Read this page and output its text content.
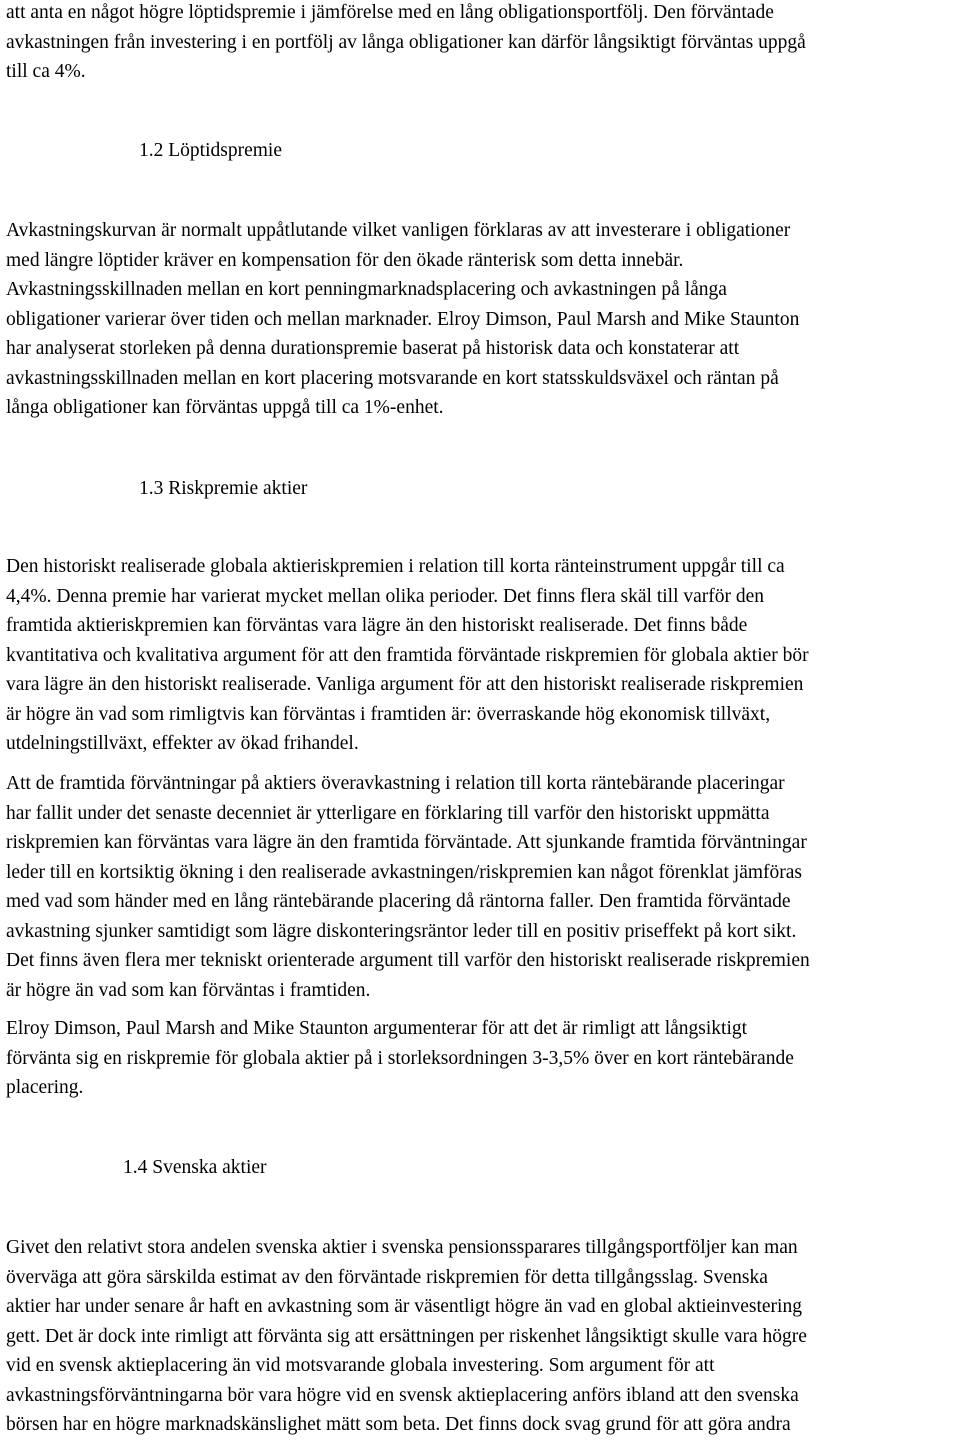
att anta en något högre löptidspremie i jämförelse med en lång obligationsportfölj. Den förväntade
avkastningen från investering i en portfölj av långa obligationer kan därför långsiktigt förväntas uppgå
till ca 4%.

1.2 Löptidspremie

Avkastningskurvan är normalt uppåtlutande vilket vanligen förklaras av att investerare i obligationer
med längre löptider kräver en kompensation för den ökade ränterisk som detta innebär.
Avkastningsskillnaden mellan en kort penningmarknadsplacering och avkastningen på långa
obligationer varierar över tiden och mellan marknader. Elroy Dimson, Paul Marsh and Mike Staunton
har analyserat storleken på denna durationspremie baserat på historisk data och konstaterar att
avkastningsskillnaden mellan en kort placering motsvarande en kort statsskuldsväxel och räntan på
långa obligationer kan förväntas uppgå till ca 1%-enhet.

1.3 Riskpremie aktier

Den historiskt realiserade globala aktieriskpremien i relation till korta ränteinstrument uppgår till ca
4,4%. Denna premie har varierat mycket mellan olika perioder. Det finns flera skäl till varför den
framtida aktieriskpremien kan förväntas vara lägre än den historiskt realiserade. Det finns både
kvantitativa och kvalitativa argument för att den framtida förväntade riskpremien för globala aktier bör
vara lägre än den historiskt realiserade. Vanliga argument för att den historiskt realiserade riskpremien
är högre än vad som rimligtvis kan förväntas i framtiden är: överraskande hög ekonomisk tillväxt,
utdelningstillväxt, effekter av ökad frihandel.

Att de framtida förväntningar på aktiers överavkastning i relation till korta räntebärande placeringar
har fallit under det senaste decenniet är ytterligare en förklaring till varför den historiskt uppmätta
riskpremien kan förväntas vara lägre än den framtida förväntade. Att sjunkande framtida förväntningar
leder till en kortsiktig ökning i den realiserade avkastningen/riskpremien kan något förenklat jämföras
med vad som händer med en lång räntebärande placering då räntorna faller. Den framtida förväntade
avkastning sjunker samtidigt som lägre diskonteringsräntor leder till en positiv priseffekt på kort sikt.
Det finns även flera mer tekniskt orienterade argument till varför den historiskt realiserade riskpremien
är högre än vad som kan förväntas i framtiden.

Elroy Dimson, Paul Marsh and Mike Staunton argumenterar för att det är rimligt att långsiktigt
förvänta sig en riskpremie för globala aktier på i storleksordningen 3-3,5% över en kort räntebärande
placering.

1.4 Svenska aktier

Givet den relativt stora andelen svenska aktier i svenska pensionssparares tillgångsportföljer kan man
överväga att göra särskilda estimat av den förväntade riskpremien för detta tillgångsslag. Svenska
aktier har under senare år haft en avkastning som är väsentligt högre än vad en global aktieinvestering
gett. Det är dock inte rimligt att förvänta sig att ersättningen per riskenhet långsiktigt skulle vara högre
vid en svensk aktieplacering än vid motsvarande globala investering. Som argument för att
avkastningsförväntningarna bör vara högre vid en svensk aktieplacering anförs ibland att den svenska
börsen har en högre marknadskänslighet mätt som beta. Det finns dock svag grund för att göra andra
